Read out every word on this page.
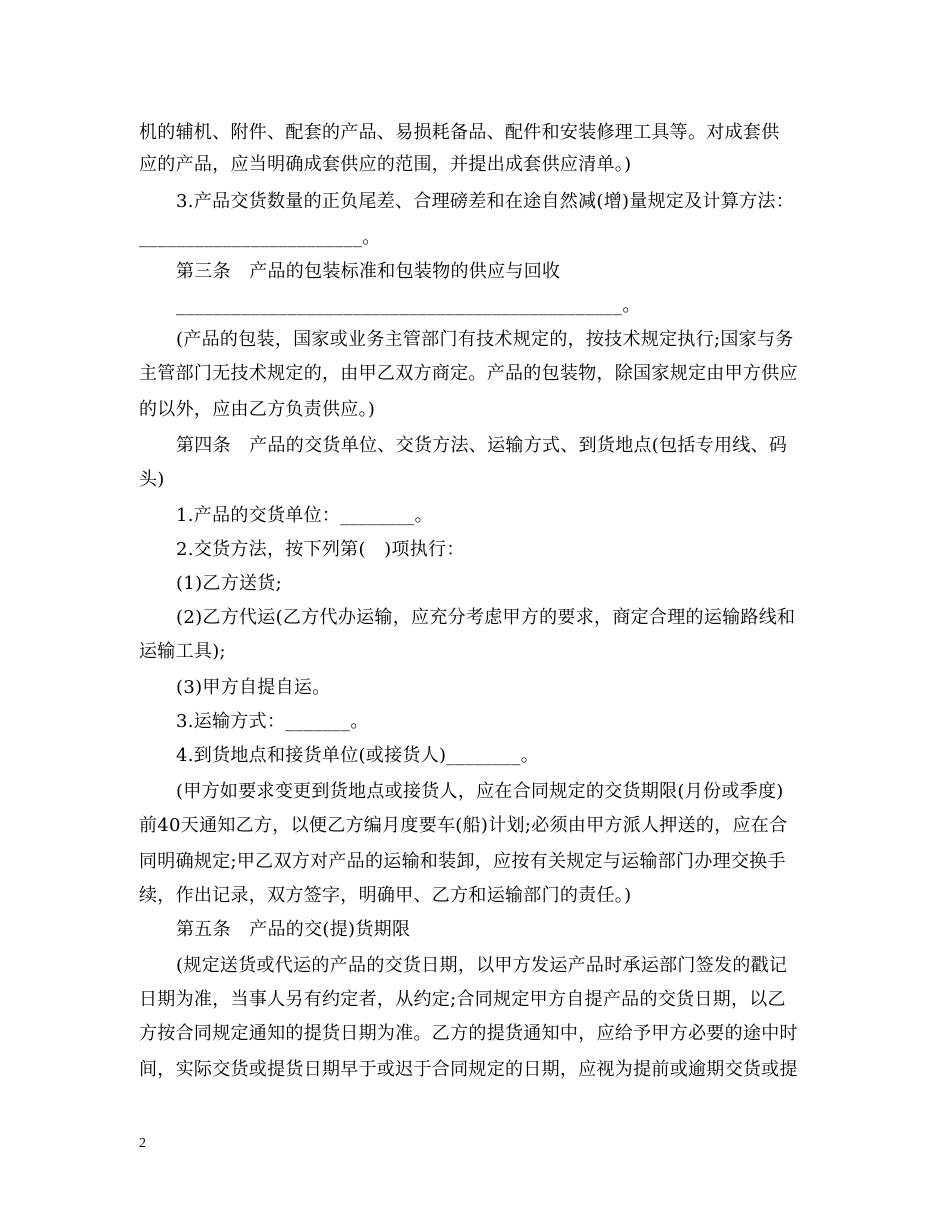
机的辅机、附件、配套的产品、易损耗备品、配件和安装修理工具等。对成套供
应的产品，应当明确成套供应的范围，并提出成套供应清单。)
3.产品交货数量的正负尾差、合理磅差和在途自然减(增)量规定及计算方法：
________________________。
第三条　产品的包装标准和包装物的供应与回收
________________________________________________。
(产品的包装，国家或业务主管部门有技术规定的，按技术规定执行;国家与务
主管部门无技术规定的，由甲乙双方商定。产品的包装物，除国家规定由甲方供应
的以外，应由乙方负责供应。)
第四条　产品的交货单位、交货方法、运输方式、到货地点(包括专用线、码
头)
1.产品的交货单位：________。
2.交货方法，按下列第(　)项执行：
(1)乙方送货;
(2)乙方代运(乙方代办运输，应充分考虑甲方的要求，商定合理的运输路线和
运输工具);
(3)甲方自提自运。
3.运输方式：_______。
4.到货地点和接货单位(或接货人)________。
(甲方如要求变更到货地点或接货人，应在合同规定的交货期限(月份或季度)
前40天通知乙方，以便乙方编月度要车(船)计划;必须由甲方派人押送的，应在合
同明确规定;甲乙双方对产品的运输和装卸，应按有关规定与运输部门办理交换手
续，作出记录，双方签字，明确甲、乙方和运输部门的责任。)
第五条　产品的交(提)货期限
(规定送货或代运的产品的交货日期，以甲方发运产品时承运部门签发的戳记
日期为准，当事人另有约定者，从约定;合同规定甲方自提产品的交货日期，以乙
方按合同规定通知的提货日期为准。乙方的提货通知中，应给予甲方必要的途中时
间，实际交货或提货日期早于或迟于合同规定的日期，应视为提前或逾期交货或提
2
